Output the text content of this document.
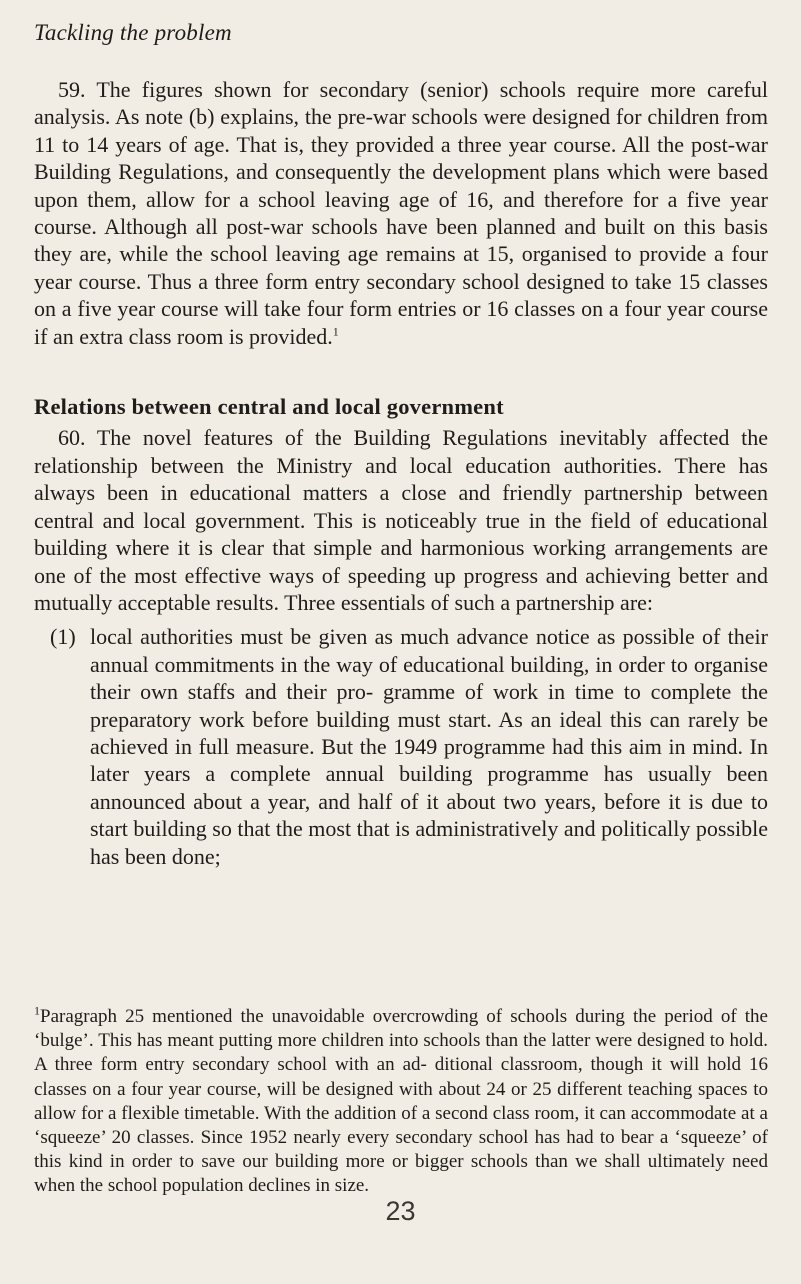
Tackling the problem

59. The figures shown for secondary (senior) schools require more careful analysis. As note (b) explains, the pre-war schools were designed for children from 11 to 14 years of age. That is, they provided a three year course. All the post-war Building Regulations, and consequently the development plans which were based upon them, allow for a school leaving age of 16, and therefore for a five year course. Although all post-war schools have been planned and built on this basis they are, while the school leaving age remains at 15, organised to provide a four year course. Thus a three form entry secondary school designed to take 15 classes on a five year course will take four form entries or 16 classes on a four year course if an extra class room is provided.$^1$

Relations between central and local government

60. The novel features of the Building Regulations inevitably affected the relationship between the Ministry and local education authorities. There has always been in educational matters a close and friendly partnership between central and local government. This is noticeably true in the field of educational building where it is clear that simple and harmonious working arrangements are one of the most effective ways of speeding up progress and achieving better and mutually acceptable results. Three essentials of such a partnership are:

(1) local authorities must be given as much advance notice as possible of their annual commitments in the way of educational building, in order to organise their own staffs and their pro- gramme of work in time to complete the preparatory work before building must start. As an ideal this can rarely be achieved in full measure. But the 1949 programme had this aim in mind. In later years a complete annual building programme has usually been announced about a year, and half of it about two years, before it is due to start building so that the most that is administratively and politically possible has been done;
$^1$Paragraph 25 mentioned the unavoidable overcrowding of schools during the period of the ‘bulge’. This has meant putting more children into schools than the latter were designed to hold. A three form entry secondary school with an ad- ditional classroom, though it will hold 16 classes on a four year course, will be designed with about 24 or 25 different teaching spaces to allow for a flexible timetable. With the addition of a second class room, it can accommodate at a ‘squeeze’ 20 classes. Since 1952 nearly every secondary school has had to bear a ‘squeeze’ of this kind in order to save our building more or bigger schools than we shall ultimately need when the school population declines in size.
23
